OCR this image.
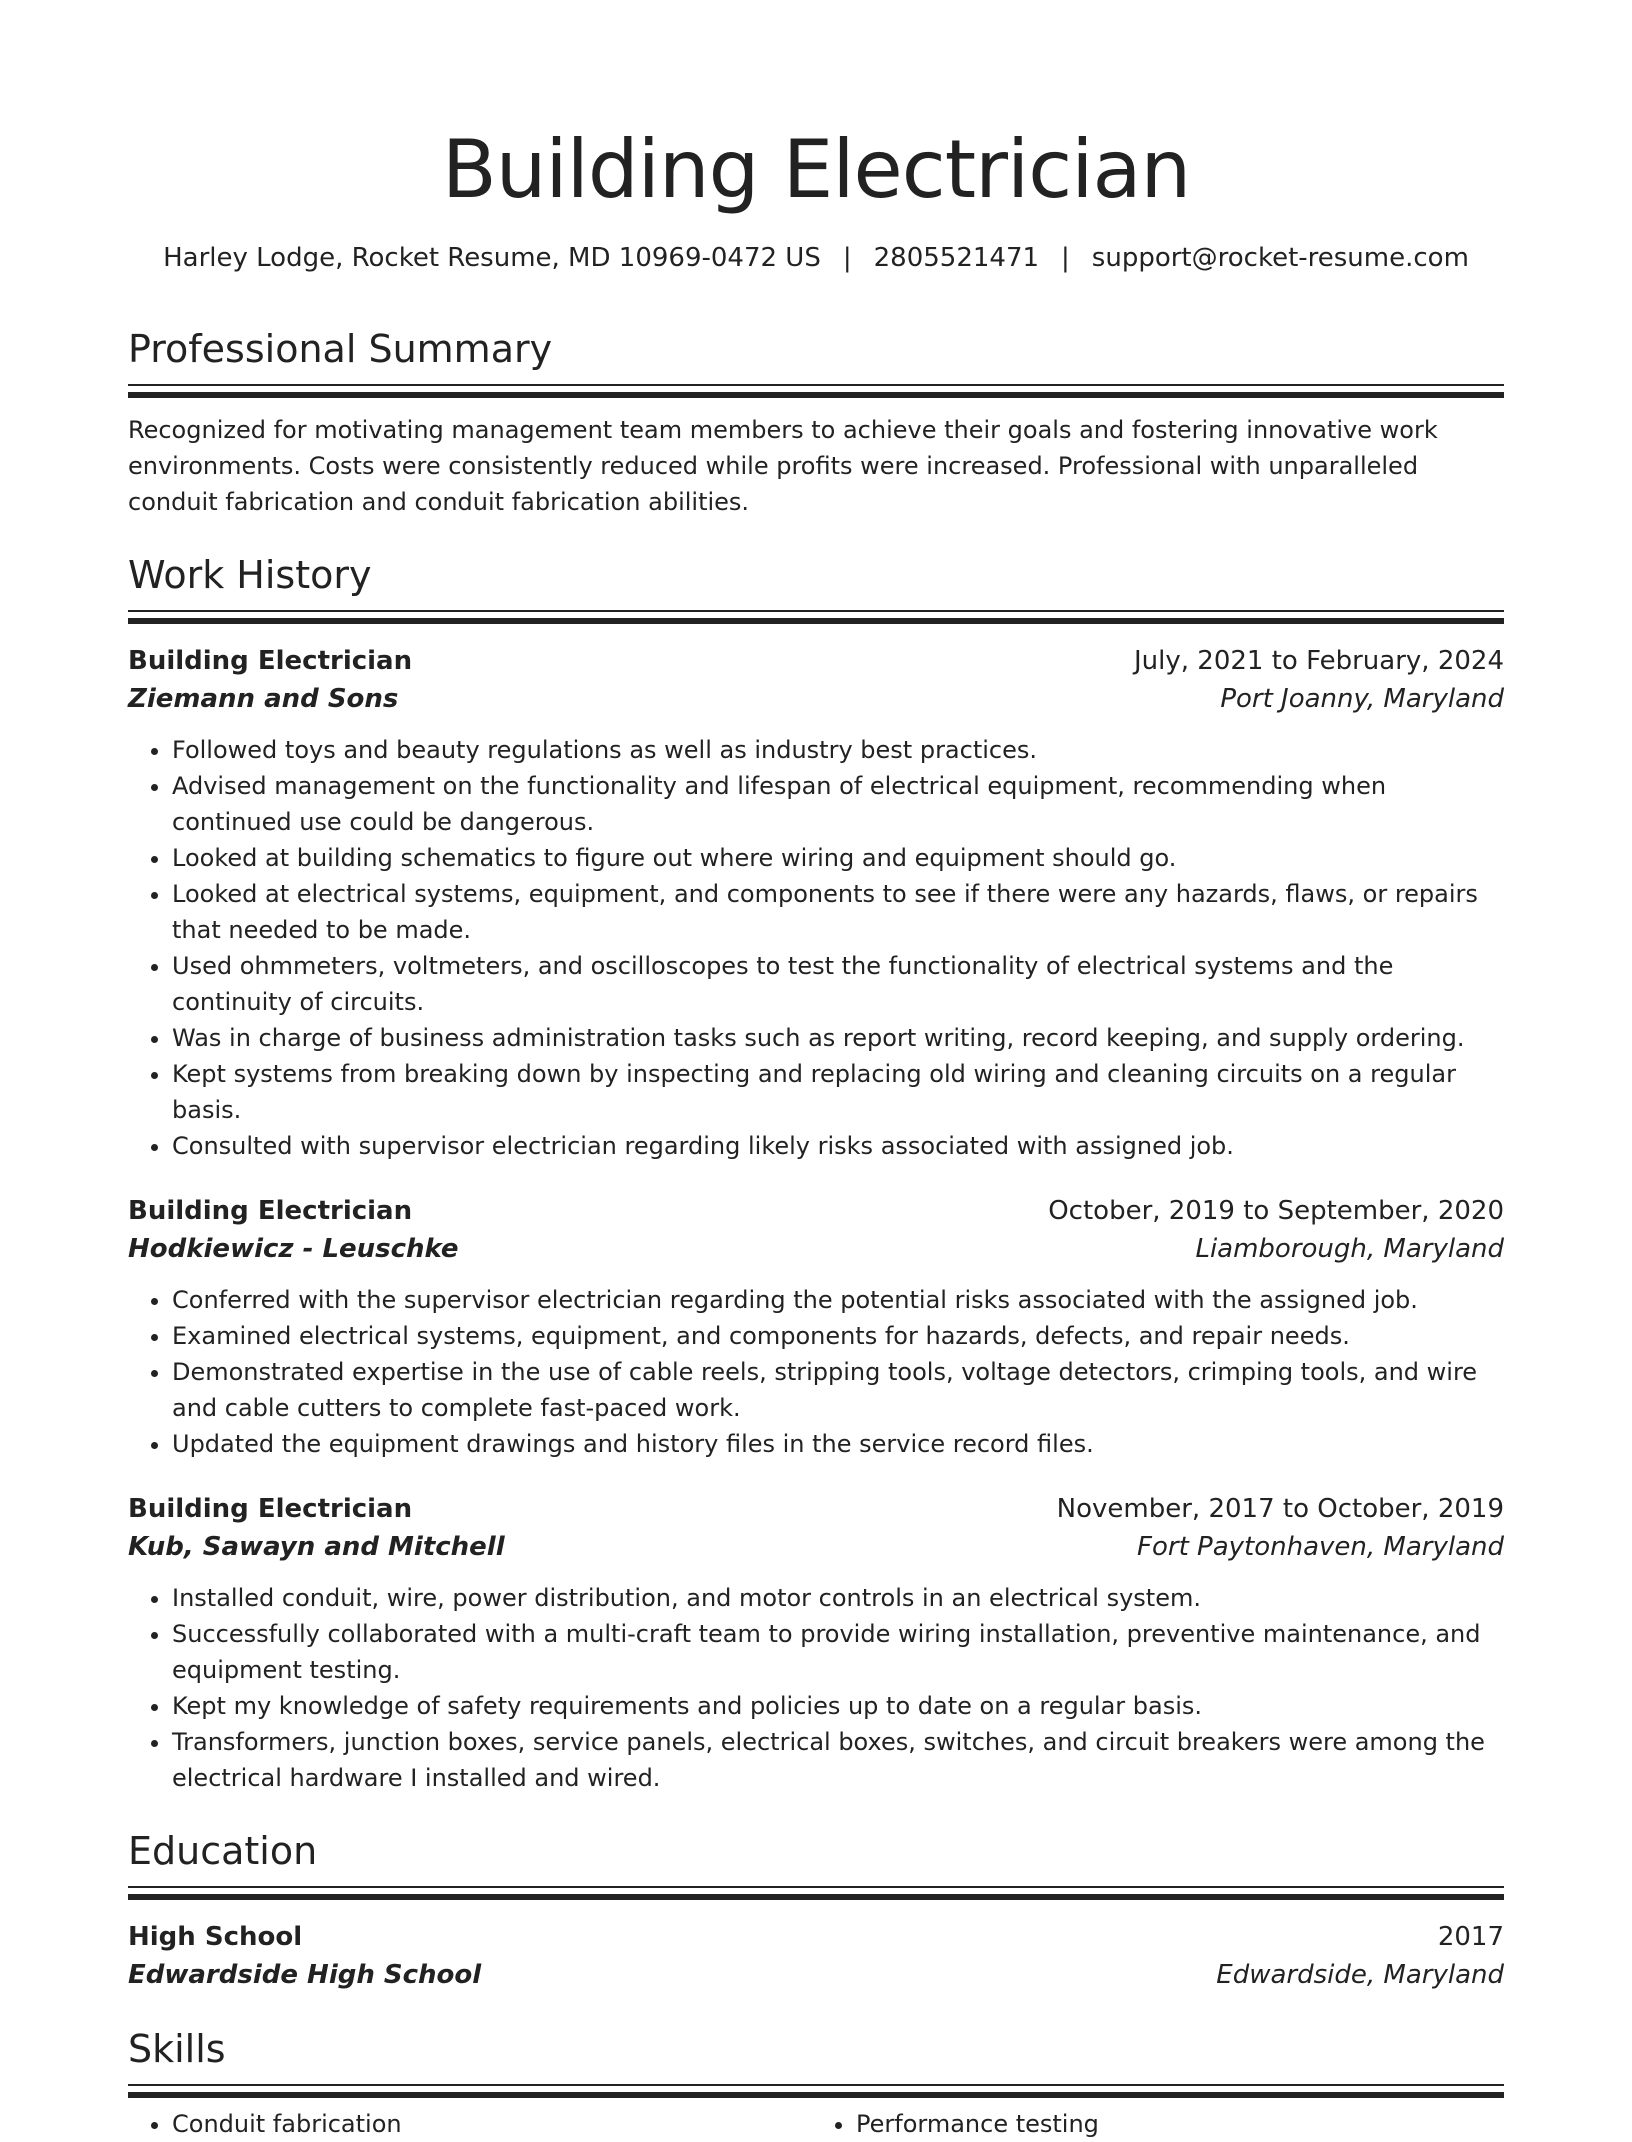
Building Electrician
Harley Lodge, Rocket Resume, MD 10969-0472 US | 2805521471 | support@rocket-resume.com
Professional Summary
Recognized for motivating management team members to achieve their goals and fostering innovative work environments. Costs were consistently reduced while profits were increased. Professional with unparalleled conduit fabrication and conduit fabrication abilities.
Work History
Building Electrician	July, 2021 to February, 2024
Ziemann and Sons	Port Joanny, Maryland
• Followed toys and beauty regulations as well as industry best practices.
• Advised management on the functionality and lifespan of electrical equipment, recommending when continued use could be dangerous.
• Looked at building schematics to figure out where wiring and equipment should go.
• Looked at electrical systems, equipment, and components to see if there were any hazards, flaws, or repairs that needed to be made.
• Used ohmmeters, voltmeters, and oscilloscopes to test the functionality of electrical systems and the continuity of circuits.
• Was in charge of business administration tasks such as report writing, record keeping, and supply ordering.
• Kept systems from breaking down by inspecting and replacing old wiring and cleaning circuits on a regular basis.
• Consulted with supervisor electrician regarding likely risks associated with assigned job.
Building Electrician	October, 2019 to September, 2020
Hodkiewicz - Leuschke	Liamborough, Maryland
• Conferred with the supervisor electrician regarding the potential risks associated with the assigned job.
• Examined electrical systems, equipment, and components for hazards, defects, and repair needs.
• Demonstrated expertise in the use of cable reels, stripping tools, voltage detectors, crimping tools, and wire and cable cutters to complete fast-paced work.
• Updated the equipment drawings and history files in the service record files.
Building Electrician	November, 2017 to October, 2019
Kub, Sawayn and Mitchell	Fort Paytonhaven, Maryland
• Installed conduit, wire, power distribution, and motor controls in an electrical system.
• Successfully collaborated with a multi-craft team to provide wiring installation, preventive maintenance, and equipment testing.
• Kept my knowledge of safety requirements and policies up to date on a regular basis.
• Transformers, junction boxes, service panels, electrical boxes, switches, and circuit breakers were among the electrical hardware I installed and wired.
Education
High School	2017
Edwardside High School	Edwardside, Maryland
Skills
• Conduit fabrication
•	Performance testing
